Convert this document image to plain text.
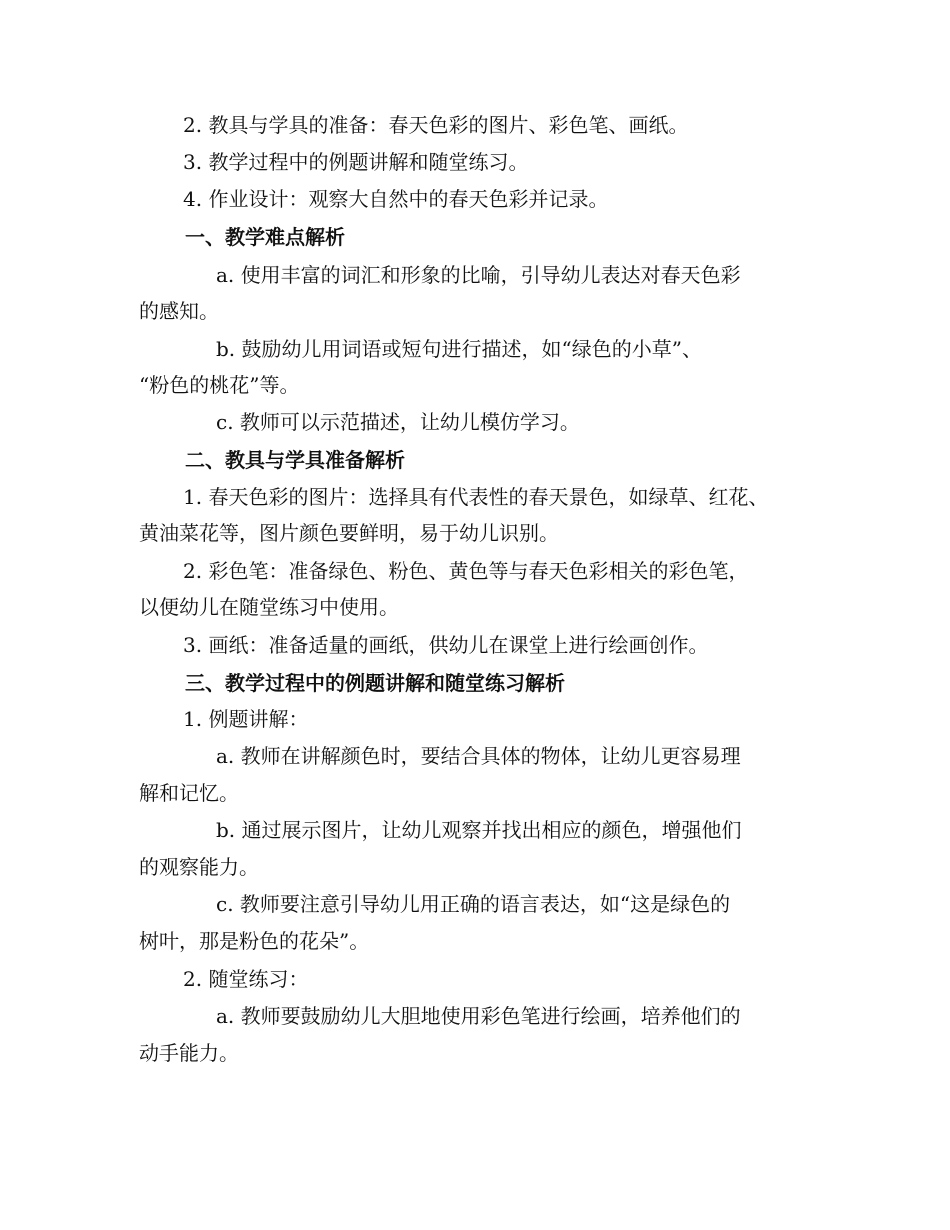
2. 教具与学具的准备：春天色彩的图片、彩色笔、画纸。
3. 教学过程中的例题讲解和随堂练习。
4. 作业设计：观察大自然中的春天色彩并记录。
一、教学难点解析
a. 使用丰富的词汇和形象的比喻，引导幼儿表达对春天色彩
的感知。
b. 鼓励幼儿用词语或短句进行描述，如“绿色的小草”、
“粉色的桃花”等。
c. 教师可以示范描述，让幼儿模仿学习。
二、教具与学具准备解析
1. 春天色彩的图片：选择具有代表性的春天景色，如绿草、红花、
黄油菜花等，图片颜色要鲜明，易于幼儿识别。
2. 彩色笔：准备绿色、粉色、黄色等与春天色彩相关的彩色笔，
以便幼儿在随堂练习中使用。
3. 画纸：准备适量的画纸，供幼儿在课堂上进行绘画创作。
三、教学过程中的例题讲解和随堂练习解析
1. 例题讲解：
a. 教师在讲解颜色时，要结合具体的物体，让幼儿更容易理
解和记忆。
b. 通过展示图片，让幼儿观察并找出相应的颜色，增强他们
的观察能力。
c. 教师要注意引导幼儿用正确的语言表达，如“这是绿色的
树叶，那是粉色的花朵”。
2. 随堂练习：
a. 教师要鼓励幼儿大胆地使用彩色笔进行绘画，培养他们的
动手能力。
